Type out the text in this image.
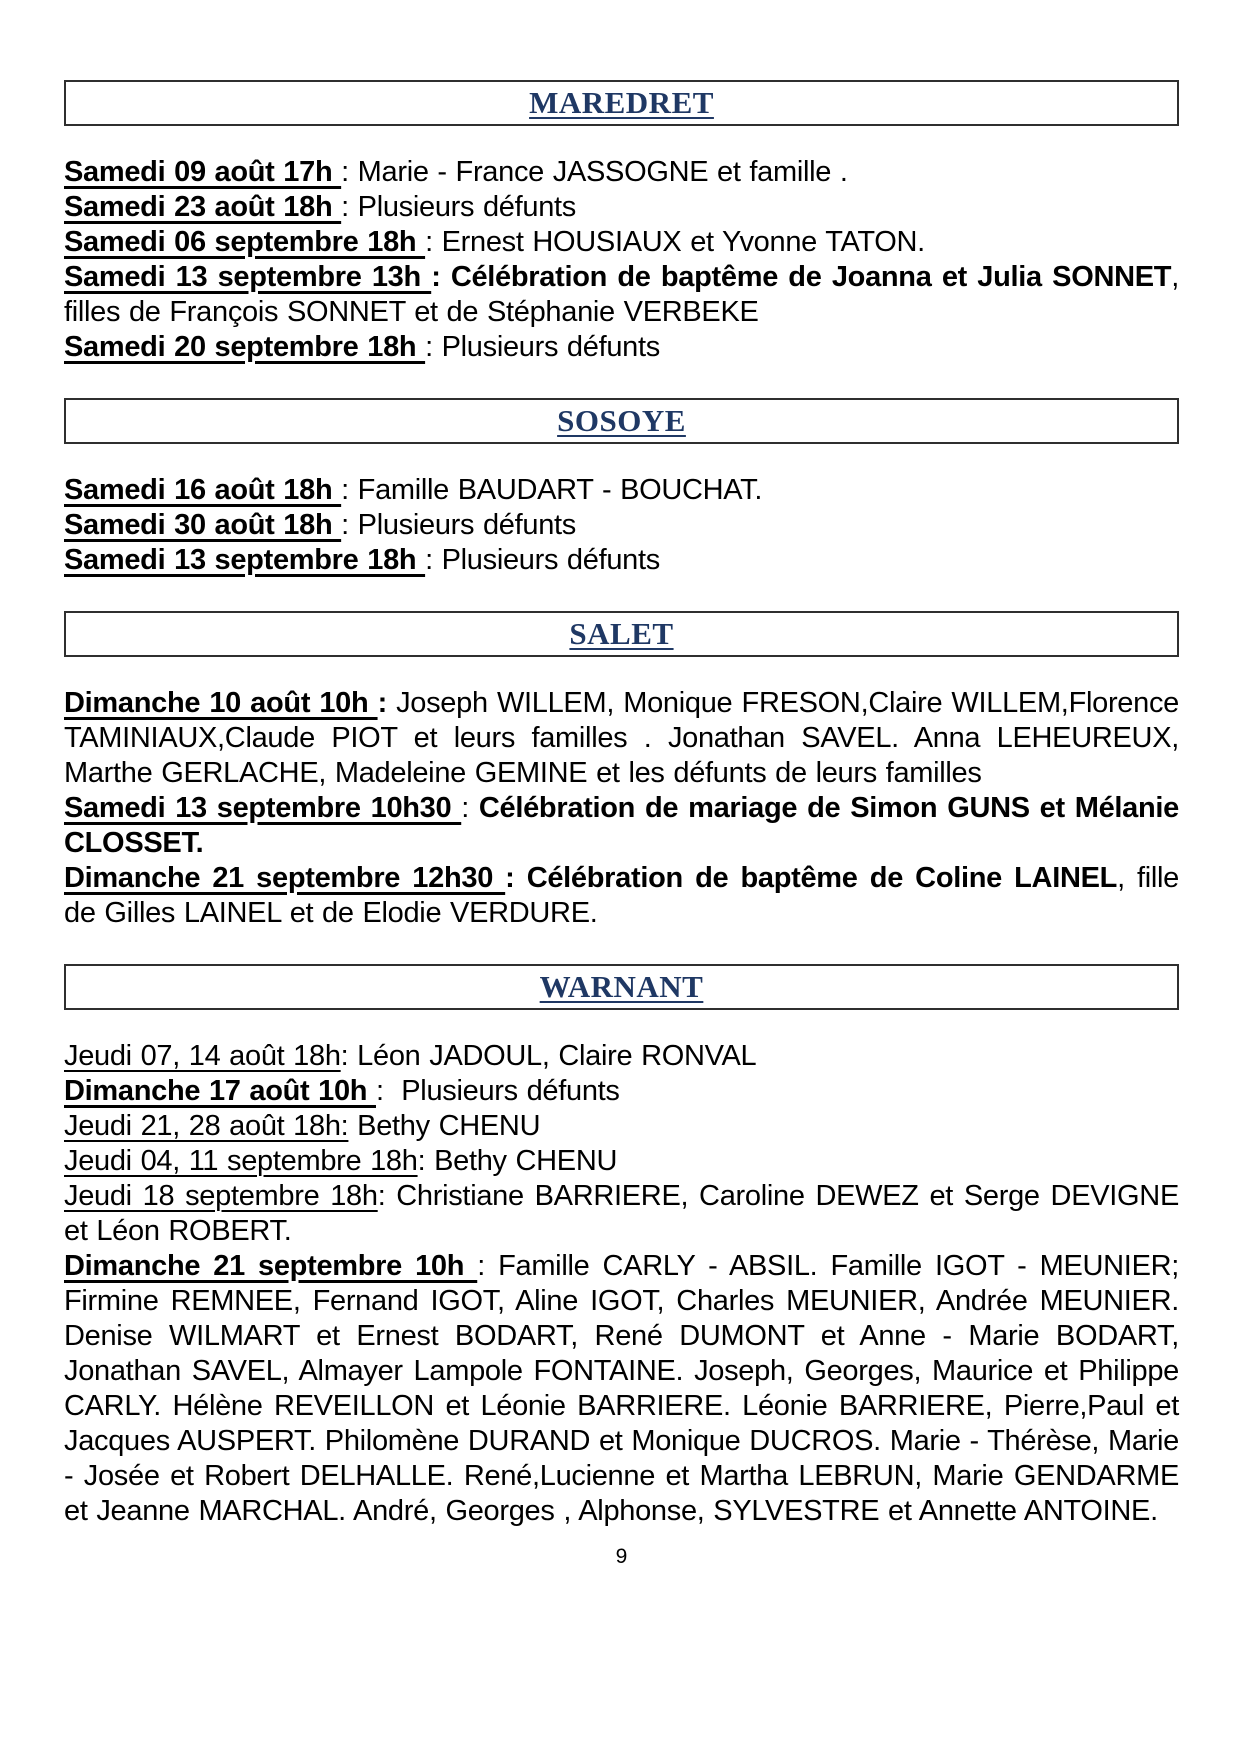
MAREDRET

Samedi 09 août 17h : Marie - France JASSOGNE et famille .

Samedi 23 août 18h : Plusieurs défunts

Samedi 06 septembre 18h : Ernest HOUSIAUX et Yvonne TATON.

Samedi 13 septembre 13h : Célébration de baptême de Joanna et Julia SONNET, filles de François SONNET et de Stéphanie VERBEKE

Samedi 20 septembre 18h : Plusieurs défunts

SOSOYE

Samedi 16 août 18h : Famille BAUDART - BOUCHAT.

Samedi 30 août 18h : Plusieurs défunts

Samedi 13 septembre 18h : Plusieurs défunts

SALET

Dimanche 10 août 10h : Joseph WILLEM, Monique FRESON,Claire WILLEM,Florence TAMINIAUX,Claude PIOT et leurs familles . Jonathan SAVEL. Anna LEHEUREUX, Marthe GERLACHE, Madeleine GEMINE et les défunts de leurs familles

Samedi 13 septembre 10h30 : Célébration de mariage de Simon GUNS et Mélanie CLOSSET.

Dimanche 21 septembre 12h30 : Célébration de baptême de Coline LAINEL, fille de Gilles LAINEL et de Elodie VERDURE.

WARNANT

Jeudi 07, 14 août 18h: Léon JADOUL, Claire RONVAL

Dimanche 17 août 10h :  Plusieurs défunts

Jeudi 21, 28 août 18h: Bethy CHENU

Jeudi 04, 11 septembre 18h: Bethy CHENU

Jeudi 18 septembre 18h: Christiane BARRIERE, Caroline DEWEZ et Serge DEVIGNE et Léon ROBERT.

Dimanche 21 septembre 10h : Famille CARLY - ABSIL. Famille IGOT - MEUNIER; Firmine REMNEE, Fernand IGOT, Aline IGOT, Charles MEUNIER, Andrée MEUNIER. Denise WILMART et Ernest BODART, René DUMONT et Anne - Marie BODART, Jonathan SAVEL, Almayer Lampole FONTAINE. Joseph, Georges, Maurice et Philippe CARLY. Hélène REVEILLON et Léonie BARRIERE. Léonie BARRIERE, Pierre,Paul et Jacques AUSPERT. Philomène DURAND et Monique DUCROS. Marie - Thérèse, Marie - Josée et Robert DELHALLE. René,Lucienne et Martha LEBRUN, Marie GENDARME et Jeanne MARCHAL. André, Georges , Alphonse, SYLVESTRE et Annette ANTOINE.

9
